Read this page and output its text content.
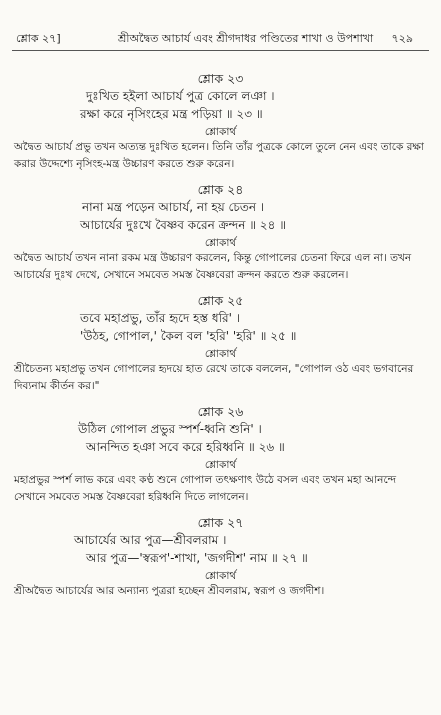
শ্লোক ২৭]	শ্রীঅদ্বৈত আচার্য এবং শ্রীগদাধর পণ্ডিতের শাখা ও উপশাখা ৭২৯
শ্লোক ২৩
দুঃখিত হইলা আচার্য পুত্র কোলে লঞা ।
রক্ষা করে নৃসিংহের মন্ত্র পড়িয়া ॥ ২৩ ॥
শ্লোকার্থ
অদ্বৈত আচার্য প্রভু তখন অত্যন্ত দুঃখিত হলেন। তিনি তাঁর পুত্রকে কোলে তুলে নেন এবং তাকে রক্ষা করার উদ্দেশ্যে নৃসিংহ-মন্ত্র উচ্চারণ করতে শুরু করেন।
শ্লোক ২৪
নানা মন্ত্র পড়েন আচার্য, না হয় চেতন ।
আচার্যের দুঃখে বৈষ্ণব করেন ক্রন্দন ॥ ২৪ ॥
শ্লোকার্থ
অদ্বৈত আচার্য তখন নানা রকম মন্ত্র উচ্চারণ করলেন, কিন্তু গোপালের চেতনা ফিরে এল না। তখন আচার্যের দুঃখ দেখে, সেখানে সমবেত সমস্ত বৈষ্ণবেরা ক্রন্দন করতে শুরু করলেন।
শ্লোক ২৫
তবে মহাপ্রভু, তাঁর হৃদে হস্ত ধরি' ।
'উঠহ, গোপাল,' কৈল বল 'হরি' 'হরি' ॥ ২৫ ॥
শ্লোকার্থ
শ্রীচৈতন্য মহাপ্রভু তখন গোপালের হৃদয়ে হাত রেখে তাকে বললেন, "গোপাল ওঠ এবং ভগবানের দিব্যনাম কীর্তন কর।"
শ্লোক ২৬
উঠিল গোপাল প্রভুর স্পর্শ-ধ্বনি শুনি' ।
আনন্দিত হঞা সবে করে হরিধ্বনি ॥ ২৬ ॥
শ্লোকার্থ
মহাপ্রভুর স্পর্শ লাভ করে এবং কণ্ঠ শুনে গোপাল তৎক্ষণাৎ উঠে বসল এবং তখন মহা আনন্দে সেখানে সমবেত সমস্ত বৈষ্ণবেরা হরিধ্বনি দিতে লাগলেন।
শ্লোক ২৭
আচার্যের আর পুত্র—শ্রীবলরাম ।
আর পুত্র—'স্বরূপ'-শাখা, 'জগদীশ' নাম ॥ ২৭ ॥
শ্লোকার্থ
শ্রীঅদ্বৈত আচার্যের আর অন্যান্য পুত্ররা হচ্ছেন শ্রীবলরাম, স্বরূপ ও জগদীশ।
